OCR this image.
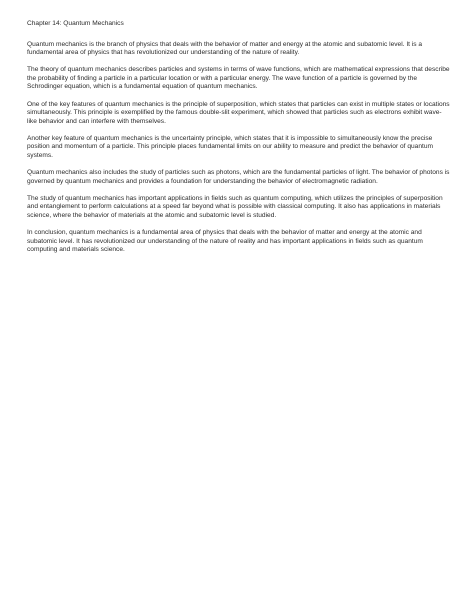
Chapter 14: Quantum Mechanics

Quantum mechanics is the branch of physics that deals with the behavior of matter and energy at the atomic and subatomic level. It is a fundamental area of physics that has revolutionized our understanding of the nature of reality.

The theory of quantum mechanics describes particles and systems in terms of wave functions, which are mathematical expressions that describe the probability of finding a particle in a particular location or with a particular energy. The wave function of a particle is governed by the Schrodinger equation, which is a fundamental equation of quantum mechanics.

One of the key features of quantum mechanics is the principle of superposition, which states that particles can exist in multiple states or locations simultaneously. This principle is exemplified by the famous double-slit experiment, which showed that particles such as electrons exhibit wave-like behavior and can interfere with themselves.

Another key feature of quantum mechanics is the uncertainty principle, which states that it is impossible to simultaneously know the precise position and momentum of a particle. This principle places fundamental limits on our ability to measure and predict the behavior of quantum systems.

Quantum mechanics also includes the study of particles such as photons, which are the fundamental particles of light. The behavior of photons is governed by quantum mechanics and provides a foundation for understanding the behavior of electromagnetic radiation.

The study of quantum mechanics has important applications in fields such as quantum computing, which utilizes the principles of superposition and entanglement to perform calculations at a speed far beyond what is possible with classical computing. It also has applications in materials science, where the behavior of materials at the atomic and subatomic level is studied.

In conclusion, quantum mechanics is a fundamental area of physics that deals with the behavior of matter and energy at the atomic and subatomic level. It has revolutionized our understanding of the nature of reality and has important applications in fields such as quantum computing and materials science.
